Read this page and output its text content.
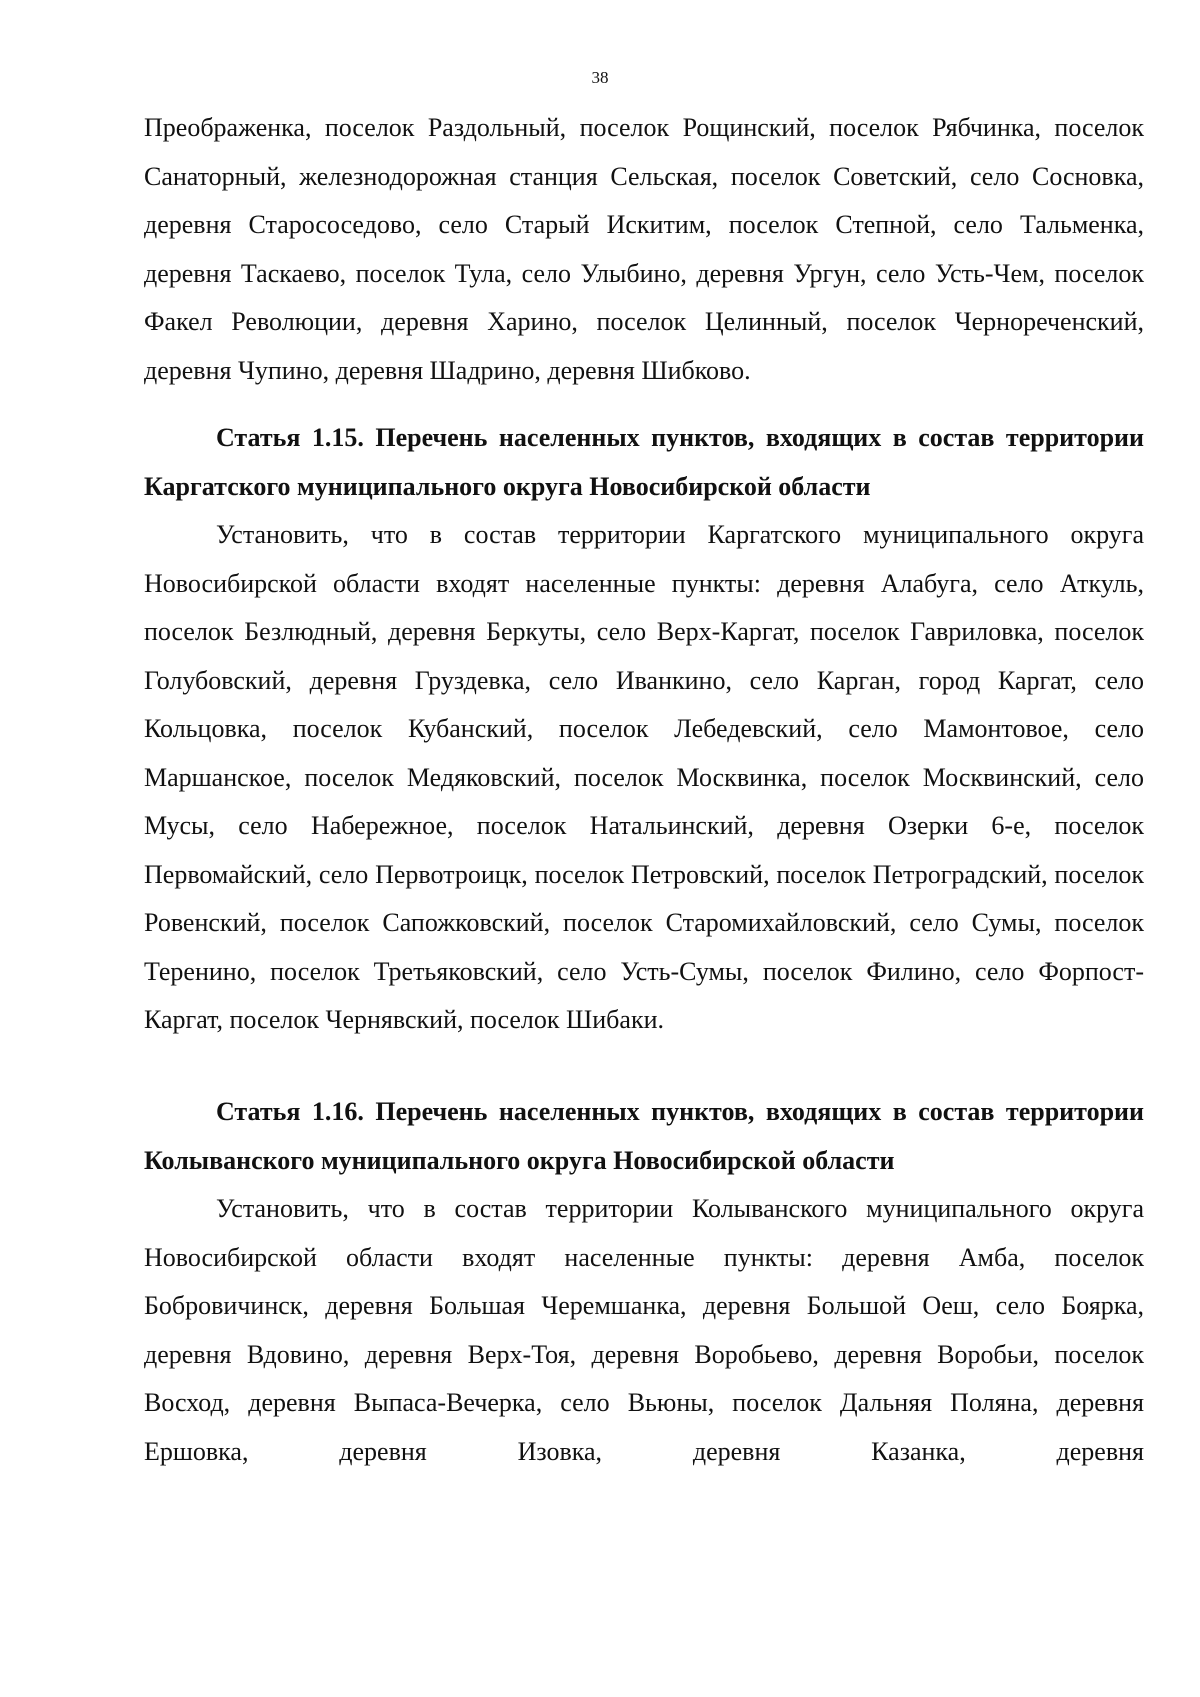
38

Преображенка, поселок Раздольный, поселок Рощинский, поселок Рябчинка, поселок Санаторный, железнодорожная станция Сельская, поселок Советский, село Сосновка, деревня Старососедово, село Старый Искитим, поселок Степной, село Тальменка, деревня Таскаево, поселок Тула, село Улыбино, деревня Ургун, село Усть-Чем, поселок Факел Революции, деревня Харино, поселок Целинный, поселок Чернореченский, деревня Чупино, деревня Шадрино, деревня Шибково.

Статья 1.15. Перечень населенных пунктов, входящих в состав территории Каргатского муниципального округа Новосибирской области

Установить, что в состав территории Каргатского муниципального округа Новосибирской области входят населенные пункты: деревня Алабуга, село Аткуль, поселок Безлюдный, деревня Беркуты, село Верх-Каргат, поселок Гавриловка, поселок Голубовский, деревня Груздевка, село Иванкино, село Карган, город Каргат, село Кольцовка, поселок Кубанский, поселок Лебедевский, село Мамонтовое, село Маршанское, поселок Медяковский, поселок Москвинка, поселок Москвинский, село Мусы, село Набережное, поселок Натальинский, деревня Озерки 6-е, поселок Первомайский, село Первотроицк, поселок Петровский, поселок Петроградский, поселок Ровенский, поселок Сапожковский, поселок Старомихайловский, село Сумы, поселок Теренино, поселок Третьяковский, село Усть-Сумы, поселок Филино, село Форпост-Каргат, поселок Чернявский, поселок Шибаки.

Статья 1.16. Перечень населенных пунктов, входящих в состав территории Колыванского муниципального округа Новосибирской области

Установить, что в состав территории Колыванского муниципального округа Новосибирской области входят населенные пункты: деревня Амба, поселок Бобровичинск, деревня Большая Черемшанка, деревня Большой Оеш, село Боярка, деревня Вдовино, деревня Верх-Тоя, деревня Воробьево, деревня Воробьи, поселок Восход, деревня Выпаса-Вечерка, село Вьюны, поселок Дальняя Поляна, деревня Ершовка, деревня Изовка, деревня Казанка, деревня
